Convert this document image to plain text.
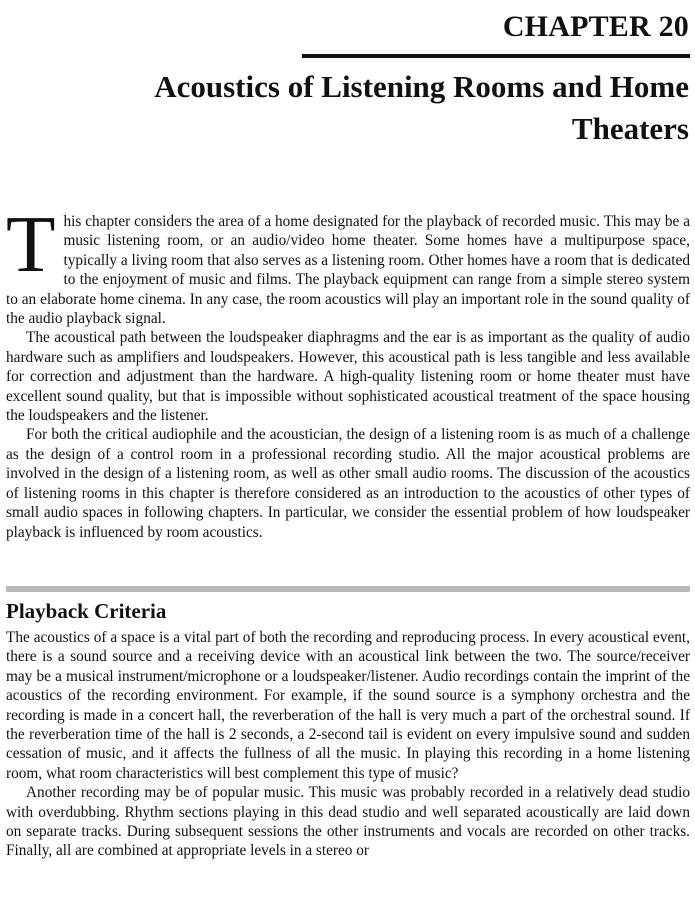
CHAPTER 20
Acoustics of Listening Rooms and Home Theaters

This chapter considers the area of a home designated for the playback of recorded music. This may be a music listening room, or an audio/video home theater. Some homes have a multipurpose space, typically a living room that also serves as a listening room. Other homes have a room that is dedicated to the enjoyment of music and films. The playback equipment can range from a simple stereo system to an elaborate home cinema. In any case, the room acoustics will play an important role in the sound quality of the audio playback signal.

The acoustical path between the loudspeaker diaphragms and the ear is as important as the quality of audio hardware such as amplifiers and loudspeakers. However, this acoustical path is less tangible and less available for correction and adjustment than the hardware. A high-quality listening room or home theater must have excellent sound quality, but that is impossible without sophisticated acoustical treatment of the space housing the loudspeakers and the listener.

For both the critical audiophile and the acoustician, the design of a listening room is as much of a challenge as the design of a control room in a professional recording studio. All the major acoustical problems are involved in the design of a listening room, as well as other small audio rooms. The discussion of the acoustics of listening rooms in this chapter is therefore considered as an introduction to the acoustics of other types of small audio spaces in following chapters. In particular, we consider the essential problem of how loudspeaker playback is influenced by room acoustics.

Playback Criteria

The acoustics of a space is a vital part of both the recording and reproducing process. In every acoustical event, there is a sound source and a receiving device with an acoustical link between the two. The source/receiver may be a musical instrument/microphone or a loudspeaker/listener. Audio recordings contain the imprint of the acoustics of the recording environment. For example, if the sound source is a symphony orchestra and the recording is made in a concert hall, the reverberation of the hall is very much a part of the orchestral sound. If the reverberation time of the hall is 2 seconds, a 2-second tail is evident on every impulsive sound and sudden cessation of music, and it affects the fullness of all the music. In playing this recording in a home listening room, what room characteristics will best complement this type of music?

Another recording may be of popular music. This music was probably recorded in a relatively dead studio with overdubbing. Rhythm sections playing in this dead studio and well separated acoustically are laid down on separate tracks. During subsequent sessions the other instruments and vocals are recorded on other tracks. Finally, all are combined at appropriate levels in a stereo or
